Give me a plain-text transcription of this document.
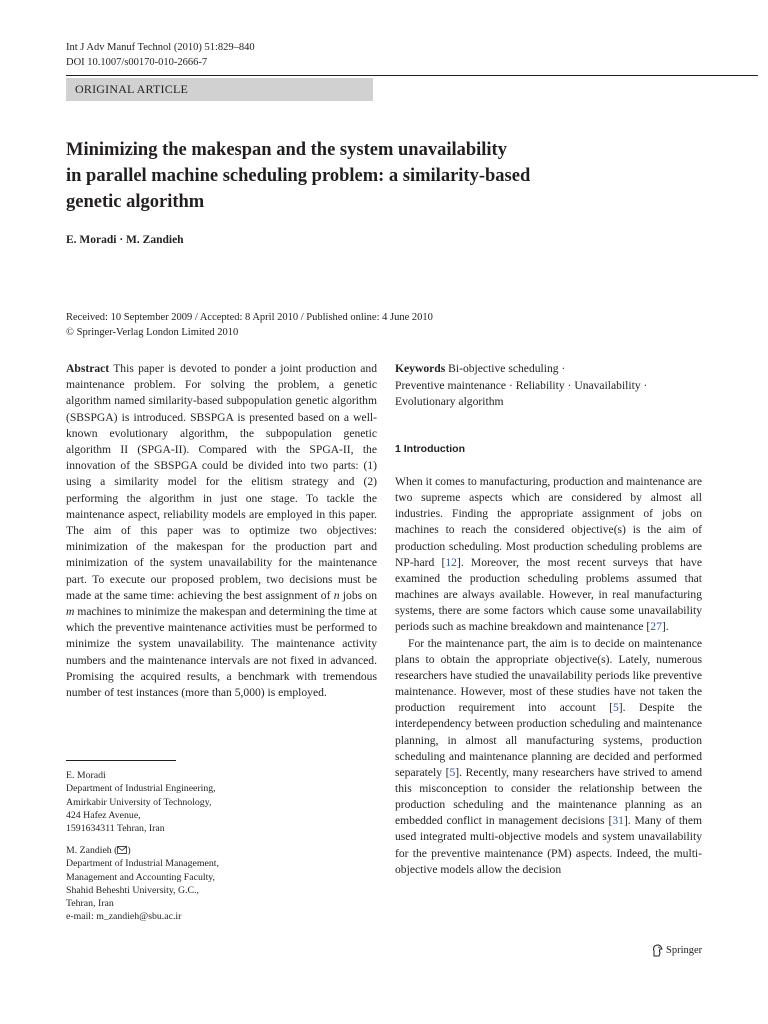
Int J Adv Manuf Technol (2010) 51:829–840
DOI 10.1007/s00170-010-2666-7
ORIGINAL ARTICLE
Minimizing the makespan and the system unavailability
in parallel machine scheduling problem: a similarity-based
genetic algorithm
E. Moradi · M. Zandieh
Received: 10 September 2009 / Accepted: 8 April 2010 / Published online: 4 June 2010
© Springer-Verlag London Limited 2010

Abstract This paper is devoted to ponder a joint production and maintenance problem. For solving the problem, a genetic algorithm named similarity-based subpopulation genetic algorithm (SBSPGA) is introduced. SBSPGA is presented based on a well-known evolutionary algorithm, the subpopulation genetic algorithm II (SPGA-II). Compared with the SPGA-II, the innovation of the SBSPGA could be divided into two parts: (1) using a similarity model for the elitism strategy and (2) performing the algorithm in just one stage. To tackle the maintenance aspect, reliability models are employed in this paper. The aim of this paper was to optimize two objectives: minimization of the makespan for the production part and minimization of the system unavailability for the maintenance part. To execute our proposed problem, two decisions must be made at the same time: achieving the best assignment of n jobs on m machines to minimize the makespan and determining the time at which the preventive maintenance activities must be performed to minimize the system unavailability. The maintenance activity numbers and the maintenance intervals are not fixed in advanced. Promising the acquired results, a benchmark with tremendous number of test instances (more than 5,000) is employed.

E. Moradi
Department of Industrial Engineering,
Amirkabir University of Technology,
424 Hafez Avenue,
1591634311 Tehran, Iran

M. Zandieh ( )
Department of Industrial Management,
Management and Accounting Faculty,
Shahid Beheshti University, G.C.,
Tehran, Iran
e-mail: m_zandieh@sbu.ac.ir

Keywords Bi-objective scheduling ·
Preventive maintenance · Reliability · Unavailability ·
Evolutionary algorithm

1 Introduction

When it comes to manufacturing, production and maintenance are two supreme aspects which are considered by almost all industries. Finding the appropriate assignment of jobs on machines to reach the considered objective(s) is the aim of production scheduling. Most production scheduling problems are NP-hard [12]. Moreover, the most recent surveys that have examined the production scheduling problems assumed that machines are always available. However, in real manufacturing systems, there are some factors which cause some unavailability periods such as machine breakdown and maintenance [27].

For the maintenance part, the aim is to decide on maintenance plans to obtain the appropriate objective(s). Lately, numerous researchers have studied the unavailability periods like preventive maintenance. However, most of these studies have not taken the production requirement into account [5]. Despite the interdependency between production scheduling and maintenance planning, in almost all manufacturing systems, production scheduling and maintenance planning are decided and performed separately [5]. Recently, many researchers have strived to amend this misconception to consider the relationship between the production scheduling and the maintenance planning as an embedded conflict in management decisions [31]. Many of them used integrated multi-objective models and system unavailability for the preventive maintenance (PM) aspects. Indeed, the multi-objective models allow the decision

Springer
